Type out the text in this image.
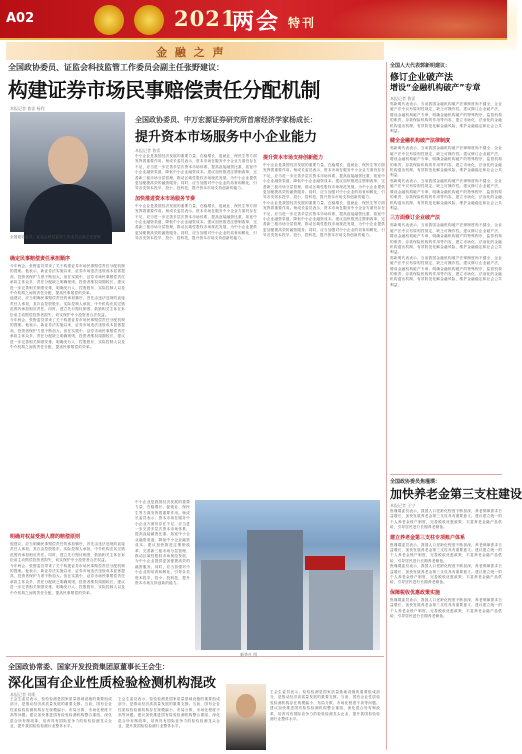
A02	2021
两会 特刊
金 融 之 声
全国政协委员、证监会科技监管工作委员会副主任张野建议：
构建证券市场民事赔偿责任分配机制
本报记者 鲁雷 杨利
全国政协委员、证监会科技监管工作委员会副主任张野
确定民事赔偿责任承担顺序

今年两会，张野委员带来了关于构建证券市场民事赔偿责任分配机制的提案。他表示，新证券法实施以来，证券市场违法违规成本显著提高，投资者保护力度不断加大。但在实践中，证券市场民事赔偿责任承担主体众多，责任分配缺乏明确规则，投资者维权周期较长，建议进一步完善相关制度安排，明确发行人、控股股东、实际控制人以及中介机构之间的责任分配，提高民事赔偿的效率。

他建议，应当明确民事赔偿责任的承担顺序，首先由违法违规的直接责任人承担，其次由控股股东、实际控制人承担，中介机构在其过错范围内承担相应责任。同时，建立先行赔付制度，鼓励相关主体在诉讼前主动赔偿投资者损失，切实保护中小投资者合法权益。

今年两会，张野委员带来了关于构建证券市场民事赔偿责任分配机制的提案。他表示，新证券法实施以来，证券市场违法违规成本显著提高，投资者保护力度不断加大。但在实践中，证券市场民事赔偿责任承担主体众多，责任分配缺乏明确规则，投资者维权周期较长，建议进一步完善相关制度安排，明确发行人、控股股东、实际控制人以及中介机构之间的责任分配，提高民事赔偿的效率。

明确对权益受损人群的赔偿原则

他建议，应当明确民事赔偿责任的承担顺序，首先由违法违规的直接责任人承担，其次由控股股东、实际控制人承担，中介机构在其过错范围内承担相应责任。同时，建立先行赔付制度，鼓励相关主体在诉讼前主动赔偿投资者损失，切实保护中小投资者合法权益。

今年两会，张野委员带来了关于构建证券市场民事赔偿责任分配机制的提案。他表示，新证券法实施以来，证券市场违法违规成本显著提高，投资者保护力度不断加大。但在实践中，证券市场民事赔偿责任承担主体众多，责任分配缺乏明确规则，投资者维权周期较长，建议进一步完善相关制度安排，明确发行人、控股股东、实际控制人以及中介机构之间的责任分配，提高民事赔偿的效率。

全国政协委员、中万宏源证券研究所首席经济学家杨成长：
提升资本市场服务中小企业能力
本报记者 鲁雷

中小企业是我国经济发展的重要力量，在稳增长、促就业、保民生等方面发挥着重要作用。杨成长委员表示，资本市场在服务中小企业方面仍存在不足，应当进一步完善多层次资本市场体系，提高直接融资比重，拓宽中小企业融资渠道，降低中小企业融资成本。建议加快推进注册制改革，完善新三板市场分层管理，推动区域性股权市场规范发展，为中小企业提供更加便捷高效的融资服务。同时，应当加强对中小企业的培育和孵化，引导各类资本投早、投小、投科技，提升资本市场支持创新的能力。

加快推进资本市场服务节奏

中小企业是我国经济发展的重要力量，在稳增长、促就业、保民生等方面发挥着重要作用。杨成长委员表示，资本市场在服务中小企业方面仍存在不足，应当进一步完善多层次资本市场体系，提高直接融资比重，拓宽中小企业融资渠道，降低中小企业融资成本。建议加快推进注册制改革，完善新三板市场分层管理，推动区域性股权市场规范发展，为中小企业提供更加便捷高效的融资服务。同时，应当加强对中小企业的培育和孵化，引导各类资本投早、投小、投科技，提升资本市场支持创新的能力。

提升资本市场支持创新能力

中小企业是我国经济发展的重要力量，在稳增长、促就业、保民生等方面发挥着重要作用。杨成长委员表示，资本市场在服务中小企业方面仍存在不足，应当进一步完善多层次资本市场体系，提高直接融资比重，拓宽中小企业融资渠道，降低中小企业融资成本。建议加快推进注册制改革，完善新三板市场分层管理，推动区域性股权市场规范发展，为中小企业提供更加便捷高效的融资服务。同时，应当加强对中小企业的培育和孵化，引导各类资本投早、投小、投科技，提升资本市场支持创新的能力。

中小企业是我国经济发展的重要力量，在稳增长、促就业、保民生等方面发挥着重要作用。杨成长委员表示，资本市场在服务中小企业方面仍存在不足，应当进一步完善多层次资本市场体系，提高直接融资比重，拓宽中小企业融资渠道，降低中小企业融资成本。建议加快推进注册制改革，完善新三板市场分层管理，推动区域性股权市场规范发展，为中小企业提供更加便捷高效的融资服务。同时，应当加强对中小企业的培育和孵化，引导各类资本投早、投小、投科技，提升资本市场支持创新的能力。

中小企业是我国经济发展的重要力量，在稳增长、促就业、保民生等方面发挥着重要作用。杨成长委员表示，资本市场在服务中小企业方面仍存在不足，应当进一步完善多层次资本市场体系，提高直接融资比重，拓宽中小企业融资渠道，降低中小企业融资成本。建议加快推进注册制改革，完善新三板市场分层管理，推动区域性股权市场规范发展，为中小企业提供更加便捷高效的融资服务。同时，应当加强对中小企业的培育和孵化，引导各类资本投早、投小、投科技，提升资本市场支持创新的能力。

新华社 图
全国人大代表郭新明建议：
修订企业破产法
增设“金融机构破产”专章
本报记者 鲁雷

郭新明代表表示，当前我国金融机构破产法律制度尚不健全，企业破产法中仅有原则性规定，缺乏可操作性。建议修订企业破产法，增设金融机构破产专章，明确金融机构破产的特殊程序、监管机构的职责、存款保险机构的作用等内容，建立市场化、法治化的金融机构退出机制，有效防范化解金融风险，维护金融稳定和社会公共利益。

健全金融机构破产法律制度

郭新明代表表示，当前我国金融机构破产法律制度尚不健全，企业破产法中仅有原则性规定，缺乏可操作性。建议修订企业破产法，增设金融机构破产专章，明确金融机构破产的特殊程序、监管机构的职责、存款保险机构的作用等内容，建立市场化、法治化的金融机构退出机制，有效防范化解金融风险，维护金融稳定和社会公共利益。

郭新明代表表示，当前我国金融机构破产法律制度尚不健全，企业破产法中仅有原则性规定，缺乏可操作性。建议修订企业破产法，增设金融机构破产专章，明确金融机构破产的特殊程序、监管机构的职责、存款保险机构的作用等内容，建立市场化、法治化的金融机构退出机制，有效防范化解金融风险，维护金融稳定和社会公共利益。

三方面修订企业破产法

郭新明代表表示，当前我国金融机构破产法律制度尚不健全，企业破产法中仅有原则性规定，缺乏可操作性。建议修订企业破产法，增设金融机构破产专章，明确金融机构破产的特殊程序、监管机构的职责、存款保险机构的作用等内容，建立市场化、法治化的金融机构退出机制，有效防范化解金融风险，维护金融稳定和社会公共利益。

郭新明代表表示，当前我国金融机构破产法律制度尚不健全，企业破产法中仅有原则性规定，缺乏可操作性。建议修订企业破产法，增设金融机构破产专章，明确金融机构破产的特殊程序、监管机构的职责、存款保险机构的作用等内容，建立市场化、法治化的金融机构退出机制，有效防范化解金融风险，维护金融稳定和社会公共利益。

全国政协委员焦瑾璞：
加快养老金第三支柱建设
本报记者 王宁

焦瑾璞委员表示，我国人口老龄化程度不断加深，养老保障需求日益增长，加快发展养老金第三支柱具有重要意义。建议建立统一的个人养老金账户制度，完善税收优惠政策，丰富养老金融产品供给，引导居民进行长期养老储备。

建立养老金第三支柱专项账户体系

焦瑾璞委员表示，我国人口老龄化程度不断加深，养老保障需求日益增长，加快发展养老金第三支柱具有重要意义。建议建立统一的个人养老金账户制度，完善税收优惠政策，丰富养老金融产品供给，引导居民进行长期养老储备。

焦瑾璞委员表示，我国人口老龄化程度不断加深，养老保障需求日益增长，加快发展养老金第三支柱具有重要意义。建议建立统一的个人养老金账户制度，完善税收优惠政策，丰富养老金融产品供给，引导居民进行长期养老储备。

保障税收优惠政策实施

焦瑾璞委员表示，我国人口老龄化程度不断加深，养老保障需求日益增长，加快发展养老金第三支柱具有重要意义。建议建立统一的个人养老金账户制度，完善税收优惠政策，丰富养老金融产品供给，引导居民进行长期养老储备。

全国政协常委、国家开发投资集团原董事长王会生：
深化国有企业性质检验检测机构混改
本报记者 刘维

王会生委员表示，检验检测是国家质量基础设施的重要组成部分，是推动经济高质量发展的重要支撑。当前，国有企业性质检验检测机构存在规模偏小、布局分散、市场化程度不高等问题。建议加快推进国有检验检测机构整合重组，深化混合所有制改革，培育具有国际竞争力的检验检测龙头企业，提升我国检验检测行业整体水平。

王会生委员表示，检验检测是国家质量基础设施的重要组成部分，是推动经济高质量发展的重要支撑。当前，国有企业性质检验检测机构存在规模偏小、布局分散、市场化程度不高等问题。建议加快推进国有检验检测机构整合重组，深化混合所有制改革，培育具有国际竞争力的检验检测龙头企业，提升我国检验检测行业整体水平。

王会生委员表示，检验检测是国家质量基础设施的重要组成部分，是推动经济高质量发展的重要支撑。当前，国有企业性质检验检测机构存在规模偏小、布局分散、市场化程度不高等问题。建议加快推进国有检验检测机构整合重组，深化混合所有制改革，培育具有国际竞争力的检验检测龙头企业，提升我国检验检测行业整体水平。
